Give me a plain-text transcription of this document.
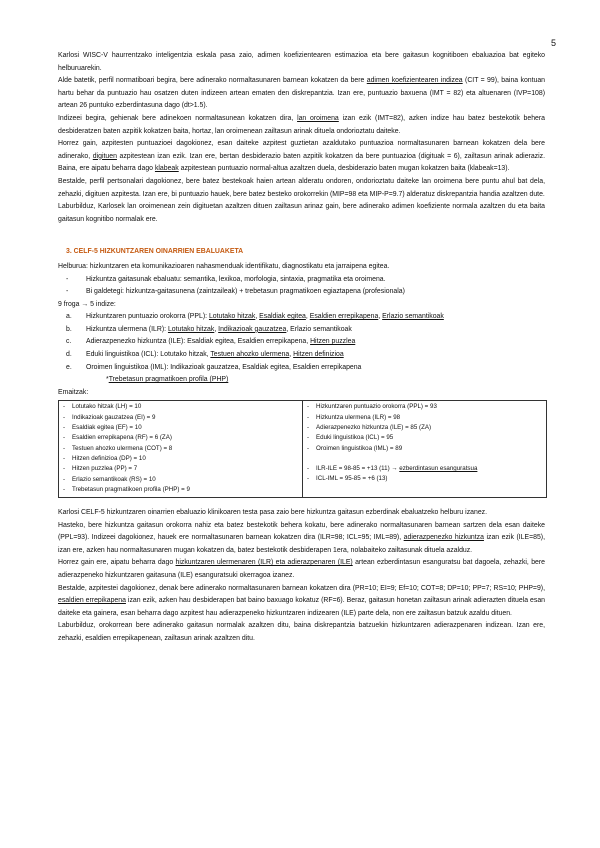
5
Karlosi WISC-V haurrentzako inteligentzia eskala pasa zaio, adimen koefizientearen estimazioa eta bere gaitasun kognitiboen ebaluazioa bat egiteko helburuarekin.
Alde batetik, perfil normatiboari begira, bere adinerako normaltasunaren barnean kokatzen da bere adimen koefizientearen indizea (CIT = 99), baina kontuan hartu behar da puntuazio hau osatzen duten indizeen artean ematen den diskrepantzia. Izan ere, puntuazio baxuena (IMT = 82) eta altuenaren (IVP=108) artean 26 puntuko ezberdintasuna dago (dt>1.5).
Indizeei begira, gehienak bere adinekoen normaltasunean kokatzen dira, lan oroimena izan ezik (IMT=82), azken indize hau batez bestekotik behera desbideratzen baten azpitik kokatzen baita, hortaz, lan oroimenean zailtasun arinak dituela ondorioztatu daiteke.
Horrez gain, azpitesten puntuazioei dagokionez, esan daiteke azpitest guztietan azaldutako puntuazioa normaltasunaren barnean kokatzen dela bere adinerako, digituen azpitestean izan ezik. Izan ere, bertan desbiderazio baten azpitik kokatzen da bere puntuazioa (digituak = 6), zailtasun arinak adieraziz. Baina, ere aipatu beharra dago klabeak azpitestean puntuazio normal-altua azaltzen duela, desbiderazio baten mugan kokatzen baita (klabeak=13).
Bestalde, perfil pertsonalari dagokionez, bere batez bestekoak haien artean alderatu ondoren, ondorioztatu daiteke lan oroimena bere puntu ahul bat dela, zehazki, digituen azpitesta. Izan ere, bi puntuazio hauek, bere batez besteko orokorrekin (MIP=98 eta MIP-P=9.7) alderatuz diskrepantzia handia azaltzen dute.
Laburbilduz, Karlosek lan oroimenean zein digituetan azaltzen dituen zailtasun arinaz gain, bere adinerako adimen koefiziente normala azaltzen du eta baita gaitasun kognitibo normalak ere.
3. CELF-5 HIZKUNTZAREN OINARRIEN EBALUAKETA
Helburua: hizkuntzaren eta komunikazioaren nahasmenduak identifikatu, diagnostikatu eta jarraipena egitea.
- Hizkuntza gaitasunak ebaluatu: semantika, lexikoa, morfologia, sintaxia, pragmatika eta oroimena.
- Bi galdetegi: hizkuntza-gaitasunena (zaintzaileak) + trebetasun pragmatikoen egiaztapena (profesionala)
9 froga → 5 indize:
a. Hizkuntzaren puntuazio orokorra (PPL): Lotutako hitzak, Esaldiak egitea, Esaldien errepikapena, Erlazio semantikoak
b. Hizkuntza ulermena (ILR): Lotutako hitzak, Indikazioak gauzatzea, Erlazio semantikoak
c. Adierazpenezko hizkuntza (ILE): Esaldiak egitea, Esaldien errepikapena, Hitzen puzzlea
d. Eduki linguistikoa (ICL): Lotutako hitzak, Testuen ahozko ulermena, Hitzen definizioa
e. Oroimen linguistikoa (IML): Indikazioak gauzatzea, Esaldiak egitea, Esaldien errepikapena
*Trebetasun pragmatikoen profila (PHP)
Emaitzak:
- Lotutako hitzak (LH) = 10
- Indikazioak gauzatzea (EI) = 9
- Esaldiak egitea (EF) = 10
- Esaldien errepikapena (RF) = 6 (ZA)
- Testuen ahozko ulermena (COT) = 8
- Hitzen definizioa (DP) = 10
- Hitzen puzzlea (PP) = 7
- Erlazio semantikoak (RS) = 10
- Trebetasun pragmatikoen profila (PHP) = 9

- Hizkuntzaren puntuazio orokorra (PPL) = 93
- Hizkuntza ulermena (ILR) = 98
- Adierazpenezko hizkuntza (ILE) = 85 (ZA)
- Eduki linguistikoa (ICL) = 95
- Oroimen linguistikoa (IML) = 89
- ILR-ILE = 98-85 = +13 (11) → ezberdintasun esanguratsua
- ICL-IML = 95-85 = +6 (13)
Karlosi CELF-5 hizkuntzaren oinarrien ebaluazio klinikoaren testa pasa zaio bere hizkuntza gaitasun ezberdinak ebaluatzeko helburu izanez.
Hasteko, bere hizkuntza gaitasun orokorra nahiz eta batez bestekotik behera kokatu, bere adinerako normaltasunaren barnean sartzen dela esan daiteke (PPL=93). Indizeei dagokionez, hauek ere normaltasunaren barnean kokatzen dira (ILR=98; ICL=95; IML=89), adierazpenezko hizkuntza izan ezik (ILE=85), izan ere, azken hau normaltasunaren mugan kokatzen da, batez bestekotik desbiderapen 1era, nolabaiteko zailtasunak dituela azalduz.
Horrez gain ere, aipatu beharra dago hizkuntzaren ulermenaren (ILR) eta adierazpenaren (ILE) artean ezberdintasun esanguratsu bat dagoela, zehazki, bere adierazpeneko hizkuntzaren gaitasuna (ILE) esanguratsuki okerragoa izanez.
Bestalde, azpitestei dagokionez, denak bere adinerako normaltasunaren barnean kokatzen dira (PR=10; EI=9; Ef=10; COT=8; DP=10; PP=7; RS=10; PHP=9), esaldien errepikapena izan ezik, azken hau desbiderapen bat baino baxuago kokatuz (RF=6). Beraz, gaitasun honetan zailtasun arinak adierazten dituela esan daiteke eta gainera, esan beharra dago azpitest hau adierazpeneko hizkuntzaren indizearen (ILE) parte dela, non ere zailtasun batzuk azaldu dituen.
Laburbilduz, orokorrean bere adinerako gaitasun normalak azaltzen ditu, baina diskrepantzia batzuekin hizkuntzaren adierazpenaren indizean. Izan ere, zehazki, esaldien errepikapenean, zailtasun arinak azaltzen ditu.
